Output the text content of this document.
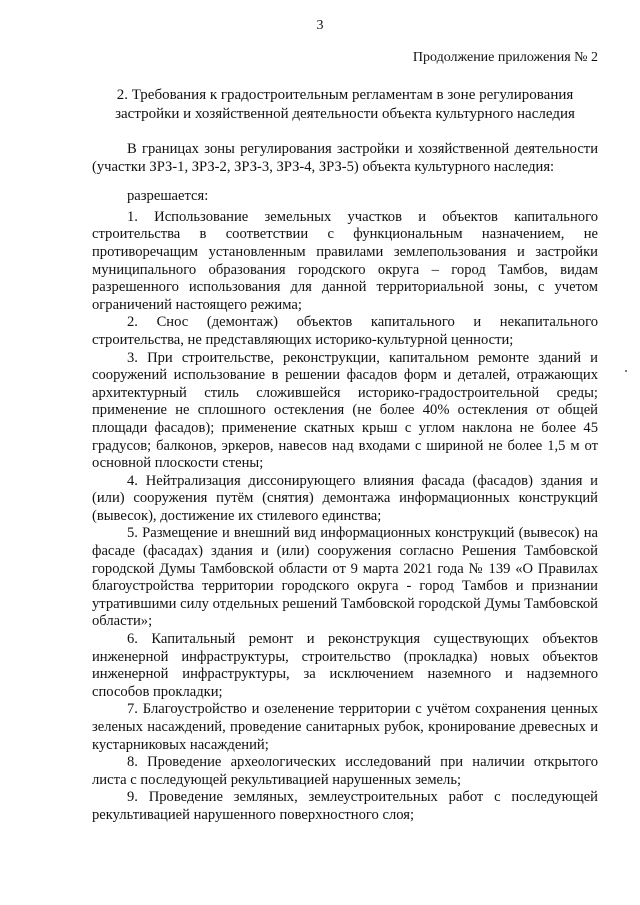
3
Продолжение приложения № 2
2. Требования к градостроительным регламентам в зоне регулирования застройки и хозяйственной деятельности объекта культурного наследия

В границах зоны регулирования застройки и хозяйственной деятельности (участки ЗРЗ-1, ЗРЗ-2, ЗРЗ-3, ЗРЗ-4, ЗРЗ-5) объекта культурного наследия:

разрешается:

1. Использование земельных участков и объектов капитального строительства в соответствии с функциональным назначением, не противоречащим установленным правилами землепользования и застройки муниципального образования городского округа – город Тамбов, видам разрешенного использования для данной территориальной зоны, с учетом ограничений настоящего режима;

2. Снос (демонтаж) объектов капитального и некапитального строительства, не представляющих историко-культурной ценности;

3. При строительстве, реконструкции, капитальном ремонте зданий и сооружений использование в решении фасадов форм и деталей, отражающих архитектурный стиль сложившейся историко-градостроительной среды; применение не сплошного остекления (не более 40% остекления от общей площади фасадов); применение скатных крыш с углом наклона не более 45 градусов; балконов, эркеров, навесов над входами с шириной не более 1,5 м от основной плоскости стены;

4. Нейтрализация диссонирующего влияния фасада (фасадов) здания и (или) сооружения путём (снятия) демонтажа информационных конструкций (вывесок), достижение их стилевого единства;

5. Размещение и внешний вид информационных конструкций (вывесок) на фасаде (фасадах) здания и (или) сооружения согласно Решения Тамбовской городской Думы Тамбовской области от 9 марта 2021 года № 139 «О Правилах благоустройства территории городского округа - город Тамбов и признании утратившими силу отдельных решений Тамбовской городской Думы Тамбовской области»;

6. Капитальный ремонт и реконструкция существующих объектов инженерной инфраструктуры, строительство (прокладка) новых объектов инженерной инфраструктуры, за исключением наземного и надземного способов прокладки;

7. Благоустройство и озеленение территории с учётом сохранения ценных зеленых насаждений, проведение санитарных рубок, кронирование древесных и кустарниковых насаждений;

8. Проведение археологических исследований при наличии открытого листа с последующей рекультивацией нарушенных земель;

9. Проведение земляных, землеустроительных работ с последующей рекультивацией нарушенного поверхностного слоя;
